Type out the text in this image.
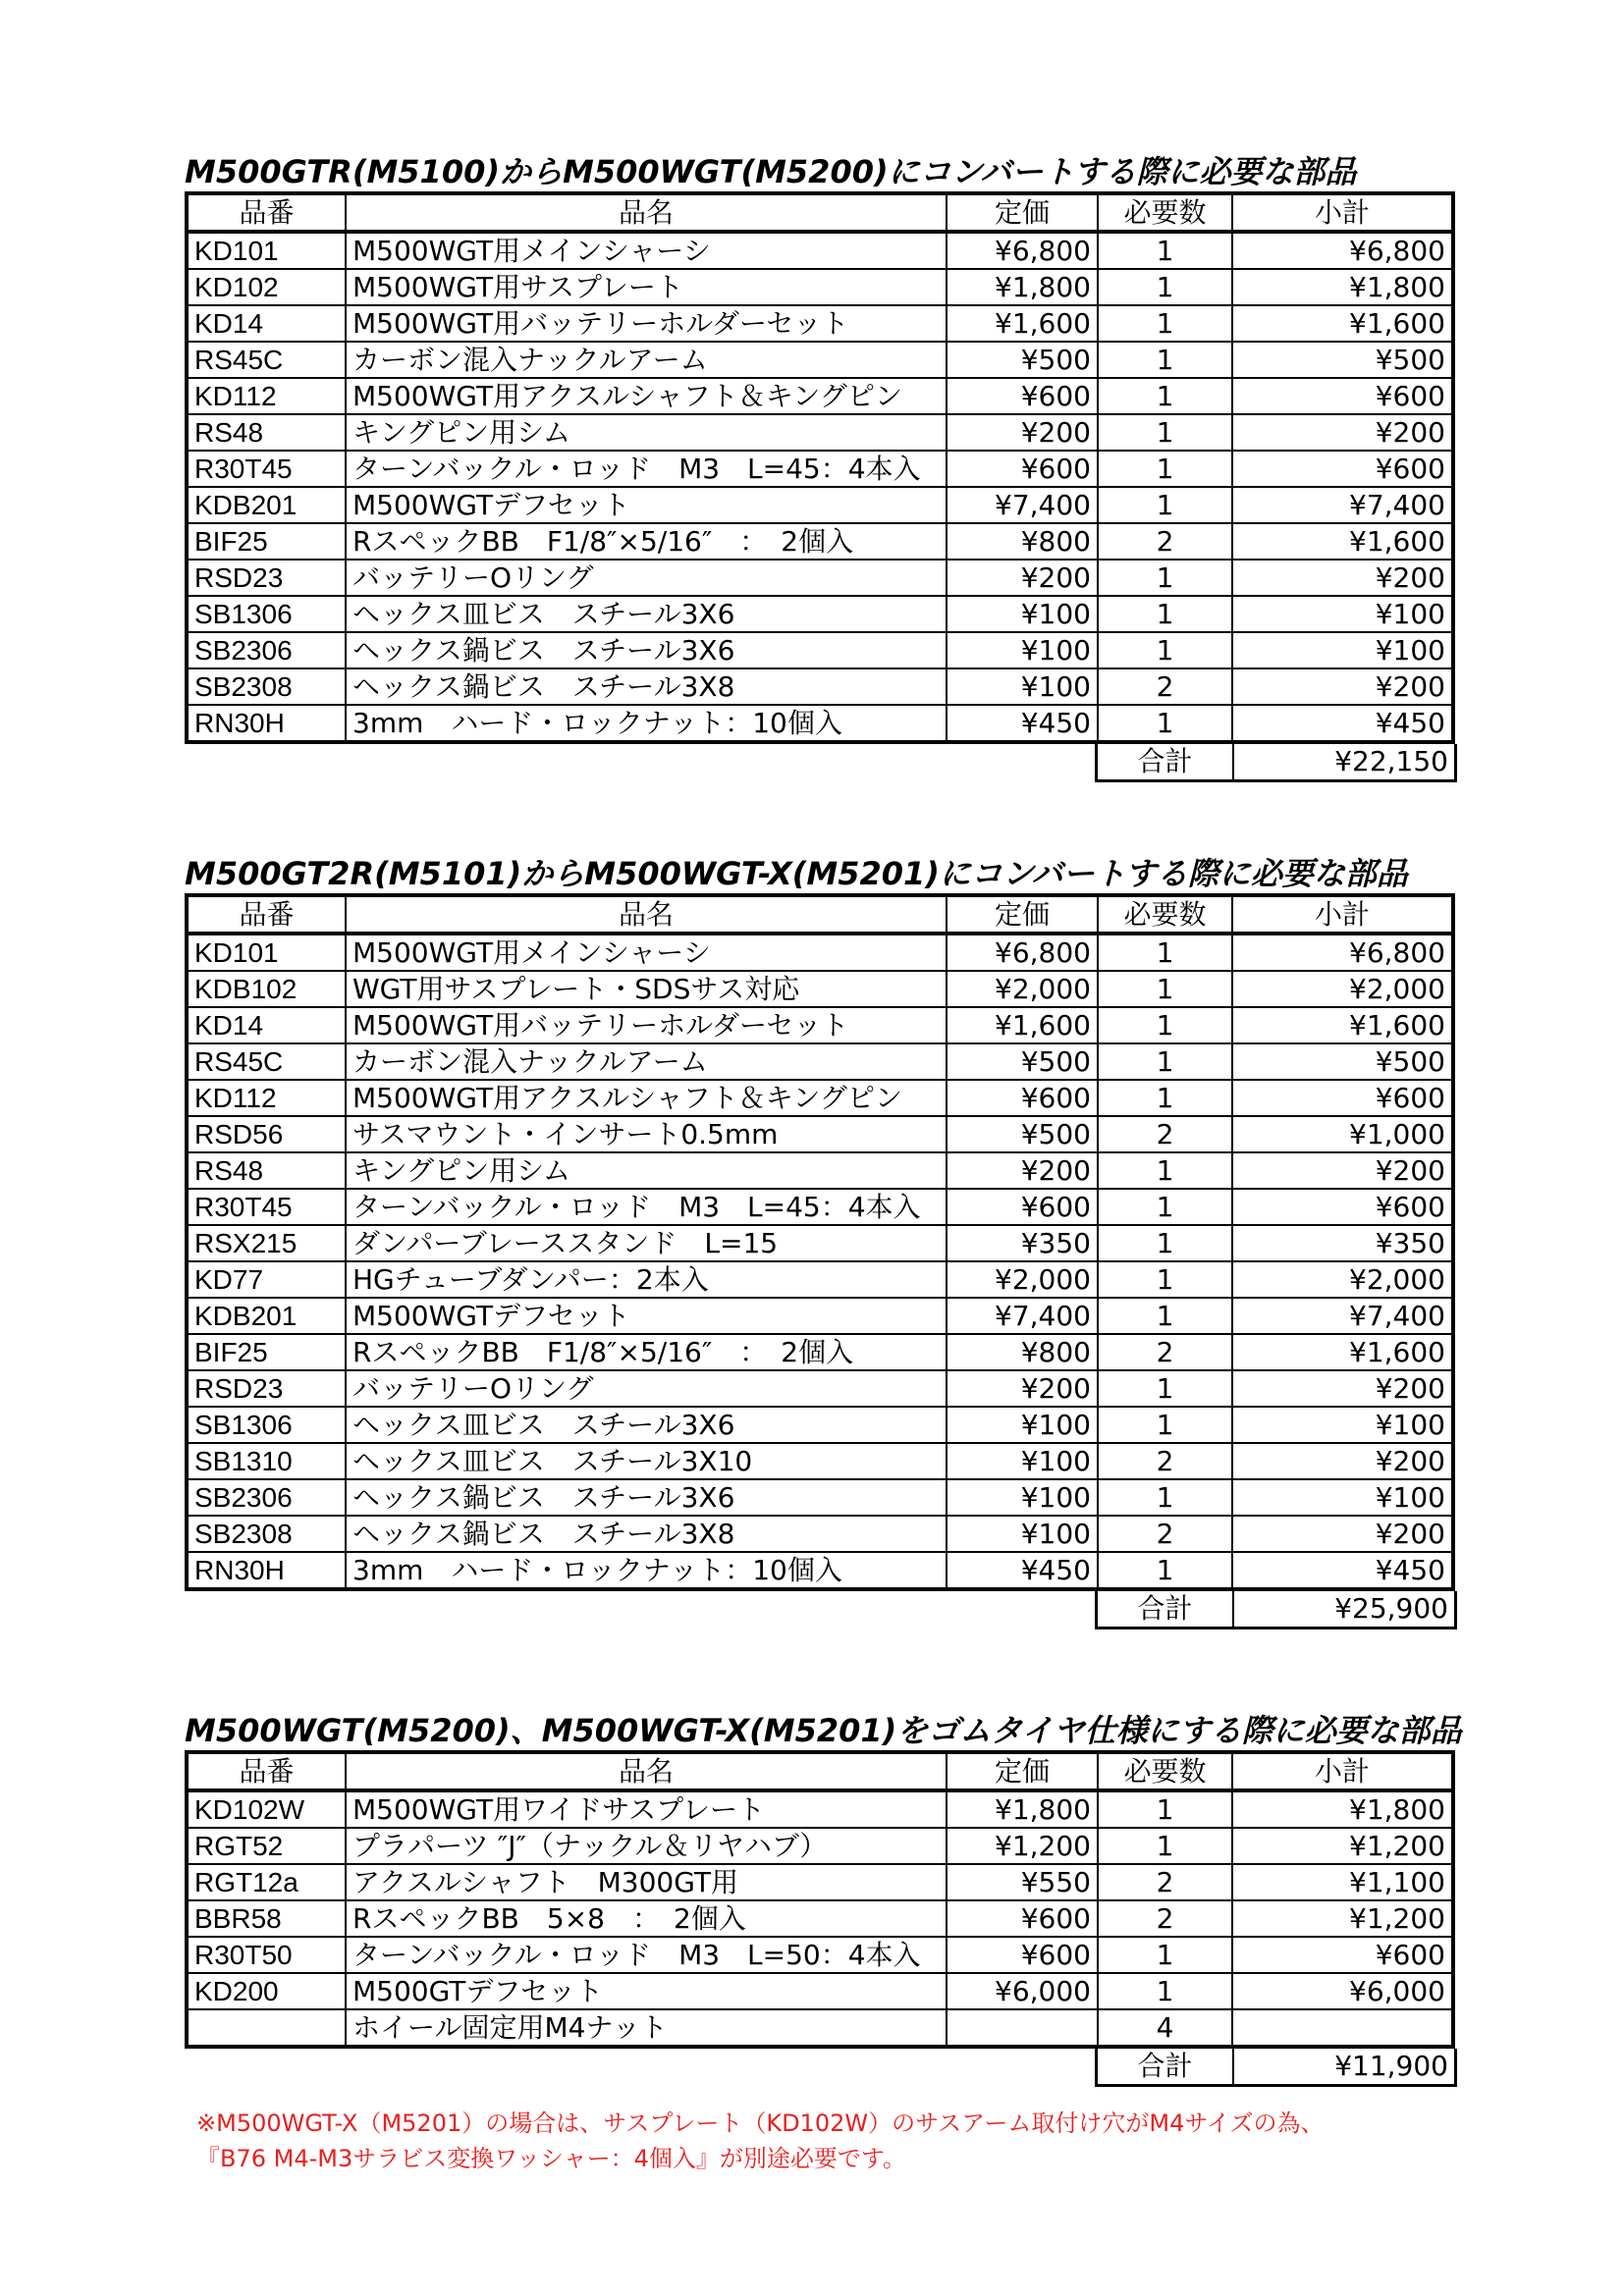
M500GTR(M5100)からM500WGT(M5200)にコンバートする際に必要な部品
品番	品名	定価	必要数	小計
KD101	M500WGT用メインシャーシ	¥6,800	1	¥6,800
KD102	M500WGT用サスプレート	¥1,800	1	¥1,800
KD14	M500WGT用バッテリーホルダーセット	¥1,600	1	¥1,600
RS45C	カーボン混入ナックルアーム	¥500	1	¥500
KD112	M500WGT用アクスルシャフト＆キングピン	¥600	1	¥600
RS48	キングピン用シム	¥200	1	¥200
R30T45	ターンバックル・ロッド　M3　L=45：4本入	¥600	1	¥600
KDB201	M500WGTデフセット	¥7,400	1	¥7,400
BIF25	RスペックBB　F1/8″×5/16″　：　2個入	¥800	2	¥1,600
RSD23	バッテリーOリング	¥200	1	¥200
SB1306	ヘックス皿ビス　スチール3X6	¥100	1	¥100
SB2306	ヘックス鍋ビス　スチール3X6	¥100	1	¥100
SB2308	ヘックス鍋ビス　スチール3X8	¥100	2	¥200
RN30H	3mm　ハード・ロックナット：10個入	¥450	1	¥450
合計	¥22,150
M500GT2R(M5101)からM500WGT-X(M5201)にコンバートする際に必要な部品
品番	品名	定価	必要数	小計
KD101	M500WGT用メインシャーシ	¥6,800	1	¥6,800
KDB102	WGT用サスプレート・SDSサス対応	¥2,000	1	¥2,000
KD14	M500WGT用バッテリーホルダーセット	¥1,600	1	¥1,600
RS45C	カーボン混入ナックルアーム	¥500	1	¥500
KD112	M500WGT用アクスルシャフト＆キングピン	¥600	1	¥600
RSD56	サスマウント・インサート0.5mm	¥500	2	¥1,000
RS48	キングピン用シム	¥200	1	¥200
R30T45	ターンバックル・ロッド　M3　L=45：4本入	¥600	1	¥600
RSX215	ダンパーブレーススタンド　L=15	¥350	1	¥350
KD77	HGチューブダンパー：2本入	¥2,000	1	¥2,000
KDB201	M500WGTデフセット	¥7,400	1	¥7,400
BIF25	RスペックBB　F1/8″×5/16″　：　2個入	¥800	2	¥1,600
RSD23	バッテリーOリング	¥200	1	¥200
SB1306	ヘックス皿ビス　スチール3X6	¥100	1	¥100
SB1310	ヘックス皿ビス　スチール3X10	¥100	2	¥200
SB2306	ヘックス鍋ビス　スチール3X6	¥100	1	¥100
SB2308	ヘックス鍋ビス　スチール3X8	¥100	2	¥200
RN30H	3mm　ハード・ロックナット：10個入	¥450	1	¥450
合計	¥25,900
M500WGT(M5200)、M500WGT-X(M5201)をゴムタイヤ仕様にする際に必要な部品
品番	品名	定価	必要数	小計
KD102W	M500WGT用ワイドサスプレート	¥1,800	1	¥1,800
RGT52	プラパーツ ″J″（ナックル＆リヤハブ）	¥1,200	1	¥1,200
RGT12a	アクスルシャフト　M300GT用	¥550	2	¥1,100
BBR58	RスペックBB　5×8　：　2個入	¥600	2	¥1,200
R30T50	ターンバックル・ロッド　M3　L=50：4本入	¥600	1	¥600
KD200	M500GTデフセット	¥6,000	1	¥6,000
	ホイール固定用M4ナット		4	
合計	¥11,900
※M500WGT-X（M5201）の場合は、サスプレート（KD102W）のサスアーム取付け穴がM4サイズの為、
『B76 M4-M3サラビス変換ワッシャー：4個入』が別途必要です。
